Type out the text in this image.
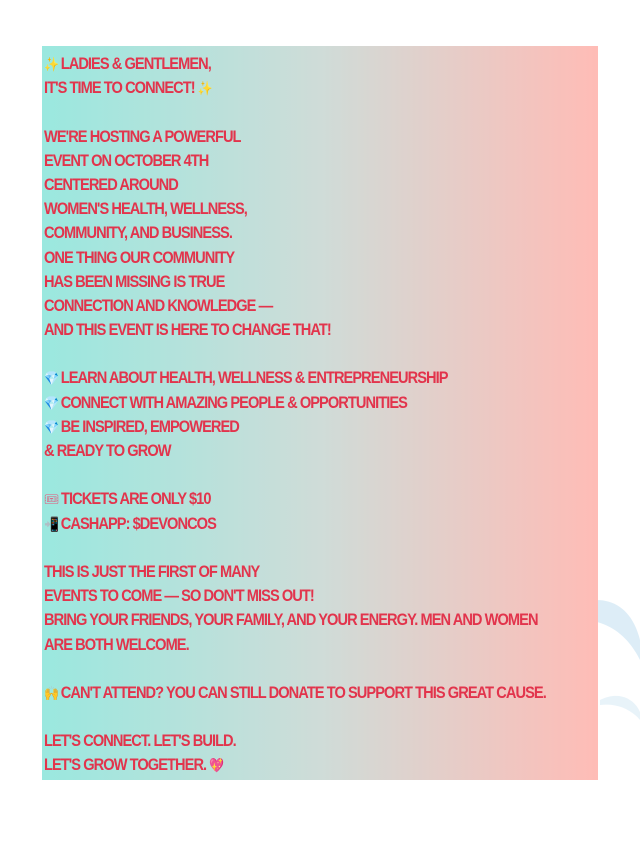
✨ LADIES & GENTLEMEN,
IT'S TIME TO CONNECT! ✨
WE'RE HOSTING A POWERFUL
EVENT ON OCTOBER 4TH
CENTERED AROUND
WOMEN'S HEALTH, WELLNESS,
COMMUNITY, AND BUSINESS.
ONE THING OUR COMMUNITY
HAS BEEN MISSING IS TRUE
CONNECTION AND KNOWLEDGE —
AND THIS EVENT IS HERE TO CHANGE THAT!
💎 LEARN ABOUT HEALTH, WELLNESS & ENTREPRENEURSHIP
💎 CONNECT WITH AMAZING PEOPLE & OPPORTUNITIES
💎 BE INSPIRED, EMPOWERED
& READY TO GROW
🎟 TICKETS ARE ONLY $10
📲 CASHAPP: $DEVONCOS
THIS IS JUST THE FIRST OF MANY
EVENTS TO COME — SO DON'T MISS OUT!
BRING YOUR FRIENDS, YOUR FAMILY, AND YOUR ENERGY. MEN AND WOMEN
ARE BOTH WELCOME.
🙌 CAN'T ATTEND? YOU CAN STILL DONATE TO SUPPORT THIS GREAT CAUSE.
LET'S CONNECT. LET'S BUILD.
LET'S GROW TOGETHER. 💖
